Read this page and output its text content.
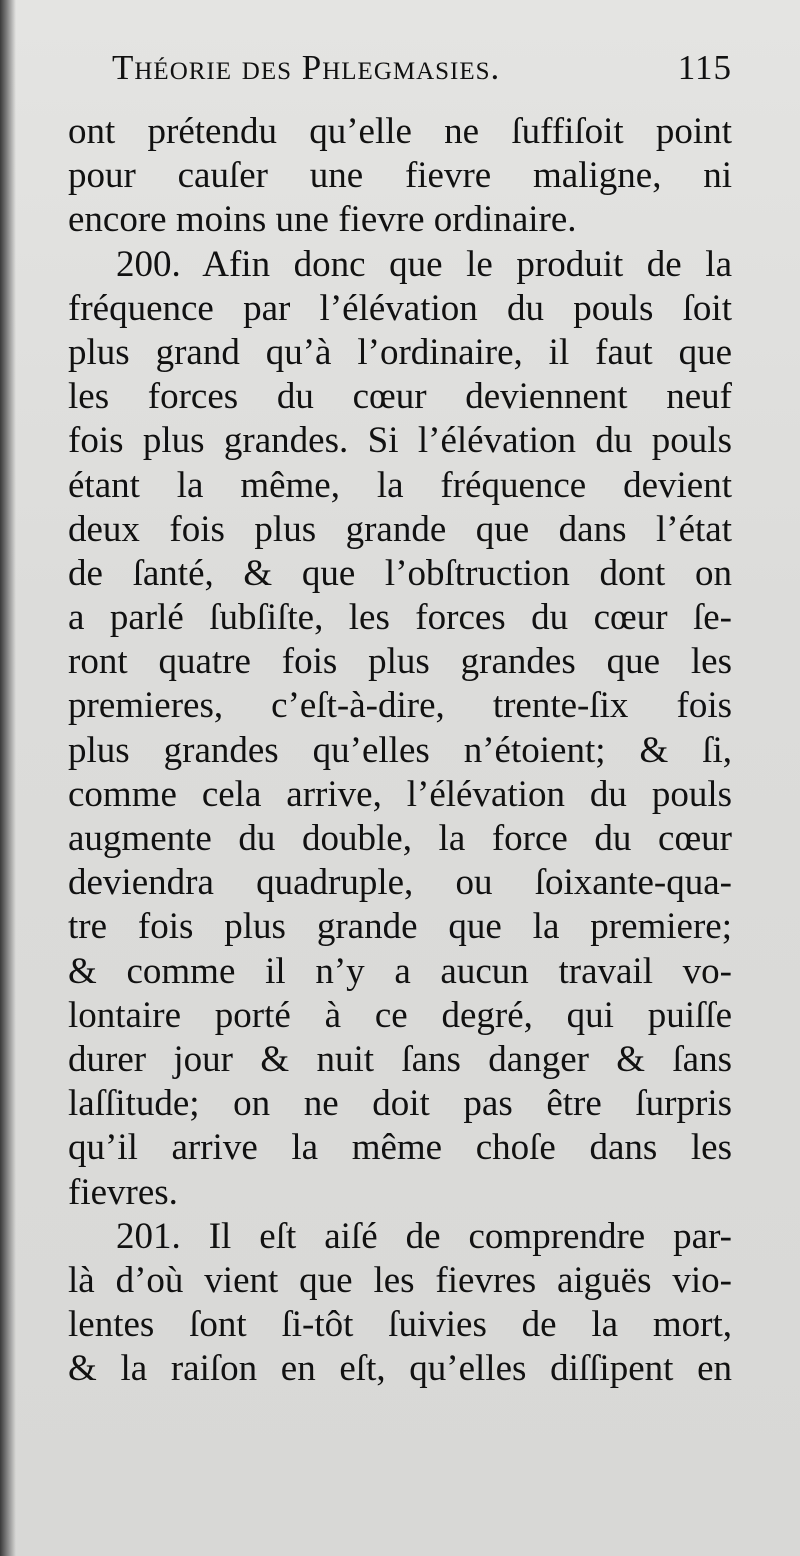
Théorie des Phlegmasies.	115
ont prétendu qu’elle ne ſuffiſoit point
pour cauſer une fievre maligne, ni
encore moins une fievre ordinaire.
200. Afin donc que le produit de la
fréquence par l’élévation du pouls ſoit
plus grand qu’à l’ordinaire, il faut que
les forces du cœur deviennent neuf
fois plus grandes. Si l’élévation du pouls
étant la même, la fréquence devient
deux fois plus grande que dans l’état
de ſanté, & que l’obſtruction dont on
a parlé ſubſiſte, les forces du cœur ſe-
ront quatre fois plus grandes que les
premieres, c’eſt-à-dire, trente-ſix fois
plus grandes qu’elles n’étoient; & ſi,
comme cela arrive, l’élévation du pouls
augmente du double, la force du cœur
deviendra quadruple, ou ſoixante-qua-
tre fois plus grande que la premiere;
& comme il n’y a aucun travail vo-
lontaire porté à ce degré, qui puiſſe
durer jour & nuit ſans danger & ſans
laſſitude; on ne doit pas être ſurpris
qu’il arrive la même choſe dans les
fievres.
201. Il eſt aiſé de comprendre par-
là d’où vient que les fievres aiguës vio-
lentes ſont ſi-tôt ſuivies de la mort,
& la raiſon en eſt, qu’elles diſſipent en
